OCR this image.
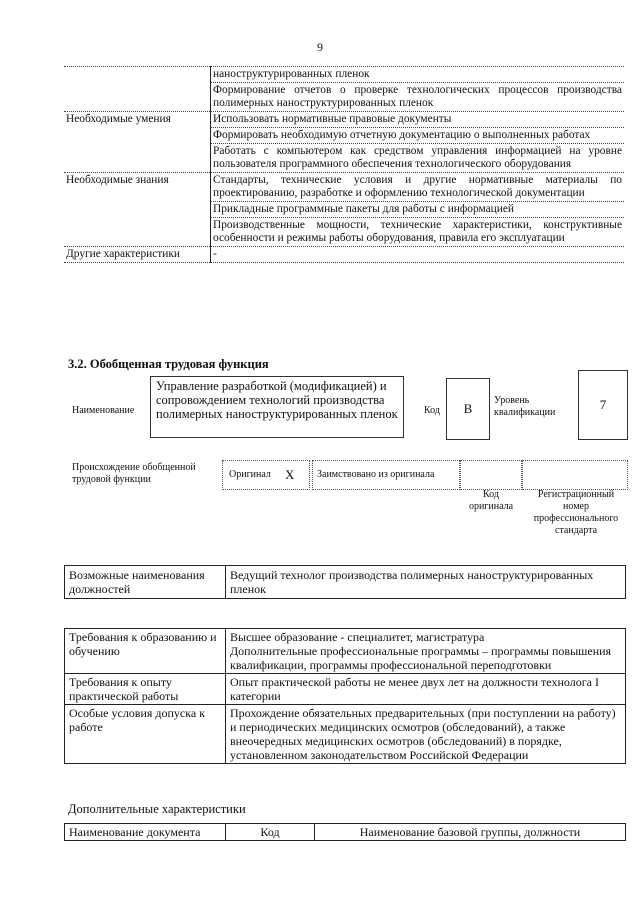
9
	наноструктурированных пленок
	Формирование отчетов о проверке технологических процессов производства полимерных наноструктурированных пленок
Необходимые умения	Использовать нормативные правовые документы
	Формировать необходимую отчетную документацию о выполненных работах
	Работать с компьютером как средством управления информацией на уровне пользователя программного обеспечения технологического оборудования
Необходимые знания	Стандарты, технические условия и другие нормативные материалы по проектированию, разработке и оформлению технологической документации
	Прикладные программные пакеты для работы с информацией
	Производственные мощности, технические характеристики, конструктивные особенности и режимы работы оборудования, правила его эксплуатации
Другие характеристики	-
3.2. Обобщенная трудовая функция
Наименование
Управление разработкой (модификацией) и сопровождением технологий производства полимерных наноструктурированных пленок	Код	B
Уровень квалификации
7
Происхождение обобщенной трудовой функции	Оригинал X Заимствовано из оригинала
Код оригинала
Регистрационный номер профессионального стандарта
Возможные наименования должностей	Ведущий технолог производства полимерных наноструктурированных пленок
Требования к образованию и обучению	Высшее образование - специалитет, магистратура
Дополнительные профессиональные программы – программы повышения квалификации, программы профессиональной переподготовки
Требования к опыту практической работы	Опыт практической работы не менее двух лет на должности технолога I категории
Особые условия допуска к работе	Прохождение обязательных предварительных (при поступлении на работу) и периодических медицинских осмотров (обследований), а также внеочередных медицинских осмотров (обследований) в порядке, установленном законодательством Российской Федерации
Дополнительные характеристики
Наименование документа	Код	Наименование базовой группы, должности
